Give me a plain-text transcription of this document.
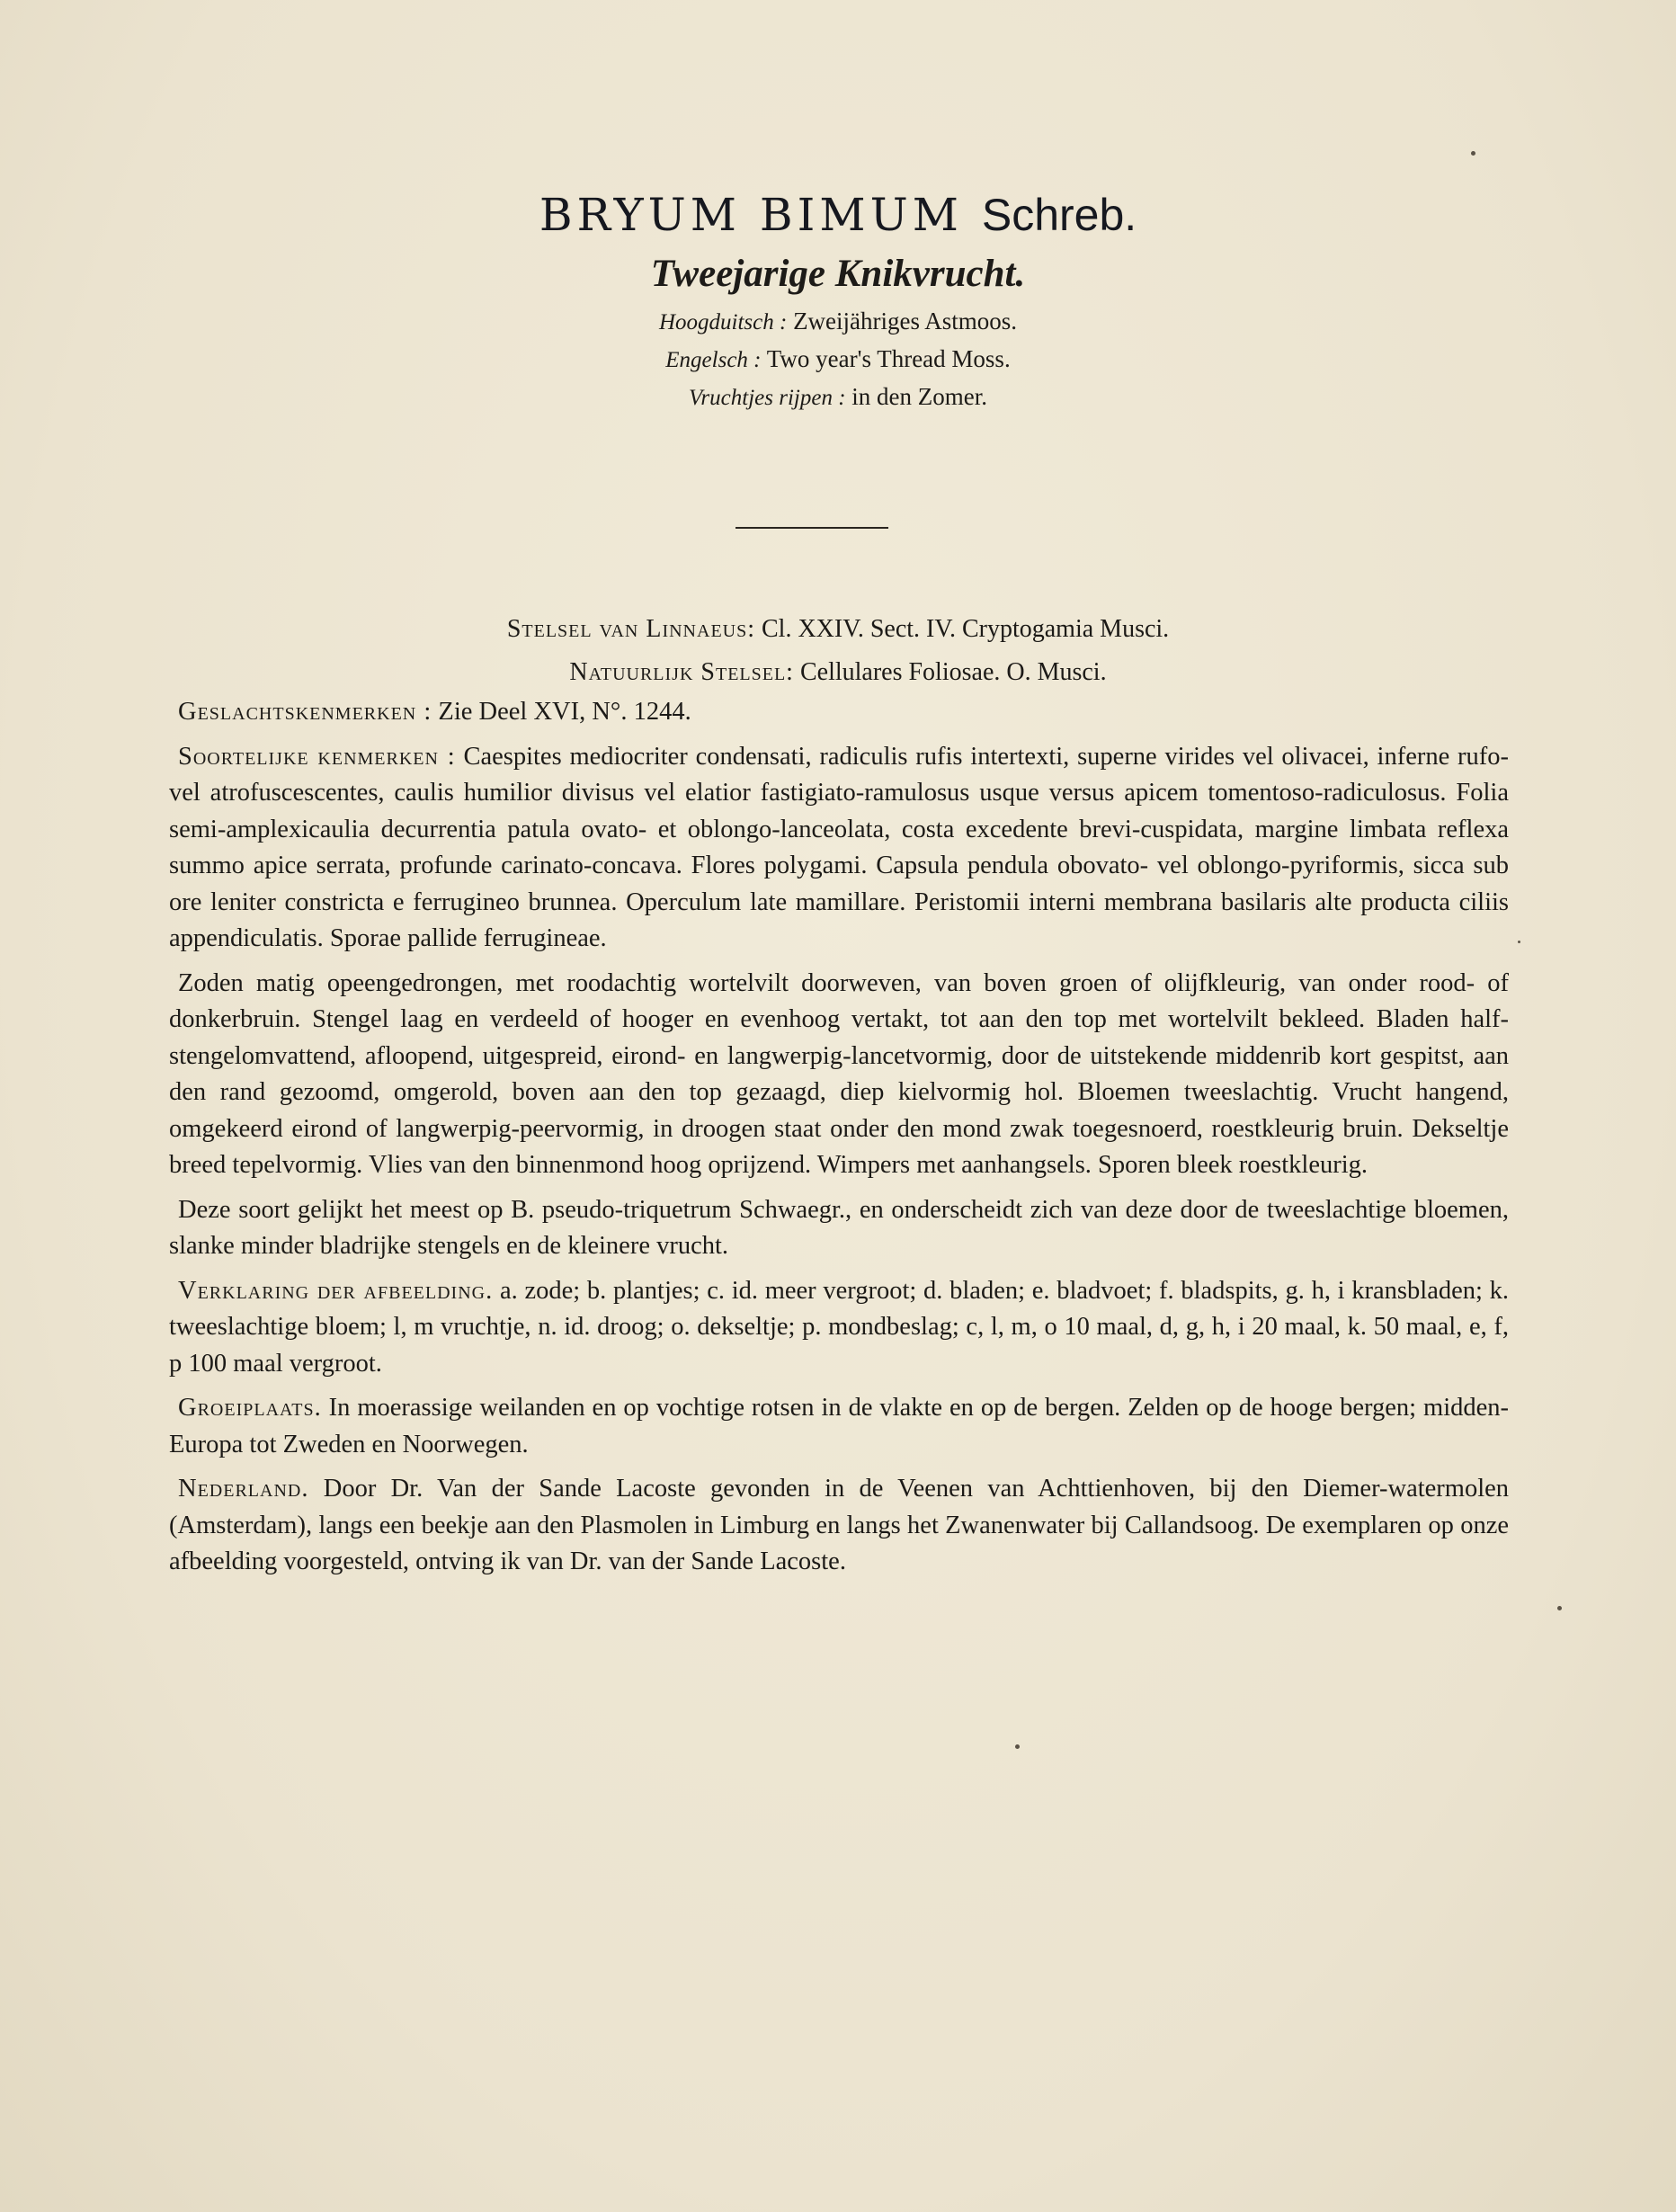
BRYUM BIMUM Schreb.
Tweejarige Knikvrucht.
Hoogduitsch : Zweijähriges Astmoos.
Engelsch : Two year's Thread Moss.
Vruchtjes rijpen : in den Zomer.
Stelsel van Linnaeus: Cl. XXIV. Sect. IV. Cryptogamia Musci.
Natuurlijk Stelsel: Cellulares Foliosae. O. Musci.

Geslachtskenmerken : Zie Deel XVI, N°. 1244.

Soortelijke kenmerken : Caespites mediocriter condensati, radiculis rufis intertexti, superne virides vel olivacei, inferne rufo- vel atrofuscescentes, caulis humilior divisus vel elatior fastigiato-ramulosus usque versus apicem tomentoso-radiculosus. Folia semi-amplexicaulia decurrentia patula ovato- et oblongo-lanceolata, costa excedente brevi-cuspidata, margine limbata reflexa summo apice serrata, profunde carinato-concava. Flores polygami. Capsula pendula obovato- vel oblongo-pyriformis, sicca sub ore leniter constricta e ferrugineo brunnea. Operculum late mamillare. Peristomii interni membrana basilaris alte producta ciliis appendiculatis. Sporae pallide ferrugineae.

Zoden matig opeengedrongen, met roodachtig wortelvilt doorweven, van boven groen of olijfkleurig, van onder rood- of donkerbruin. Stengel laag en verdeeld of hooger en evenhoog vertakt, tot aan den top met wortelvilt bekleed. Bladen half-stengelomvattend, afloopend, uitgespreid, eirond- en langwerpig-lancetvormig, door de uitstekende middenrib kort gespitst, aan den rand gezoomd, omgerold, boven aan den top gezaagd, diep kielvormig hol. Bloemen tweeslachtig. Vrucht hangend, omgekeerd eirond of langwerpig-peervormig, in droogen staat onder den mond zwak toegesnoerd, roestkleurig bruin. Dekseltje breed tepelvormig. Vlies van den binnenmond hoog oprijzend. Wimpers met aanhangsels. Sporen bleek roestkleurig.

Deze soort gelijkt het meest op B. pseudo-triquetrum Schwaegr., en onderscheidt zich van deze door de tweeslachtige bloemen, slanke minder bladrijke stengels en de kleinere vrucht.

Verklaring der afbeelding. a. zode; b. plantjes; c. id. meer vergroot; d. bladen; e. bladvoet; f. bladspits, g. h, i kransbladen; k. tweeslachtige bloem; l, m vruchtje, n. id. droog; o. dekseltje; p. mondbeslag; c, l, m, o 10 maal, d, g, h, i 20 maal, k. 50 maal, e, f, p 100 maal vergroot.

Groeiplaats. In moerassige weilanden en op vochtige rotsen in de vlakte en op de bergen. Zelden op de hooge bergen; midden-Europa tot Zweden en Noorwegen.

Nederland. Door Dr. Van der Sande Lacoste gevonden in de Veenen van Achttienhoven, bij den Diemer-watermolen (Amsterdam), langs een beekje aan den Plasmolen in Limburg en langs het Zwanenwater bij Callandsoog. De exemplaren op onze afbeelding voorgesteld, ontving ik van Dr. van der Sande Lacoste.
